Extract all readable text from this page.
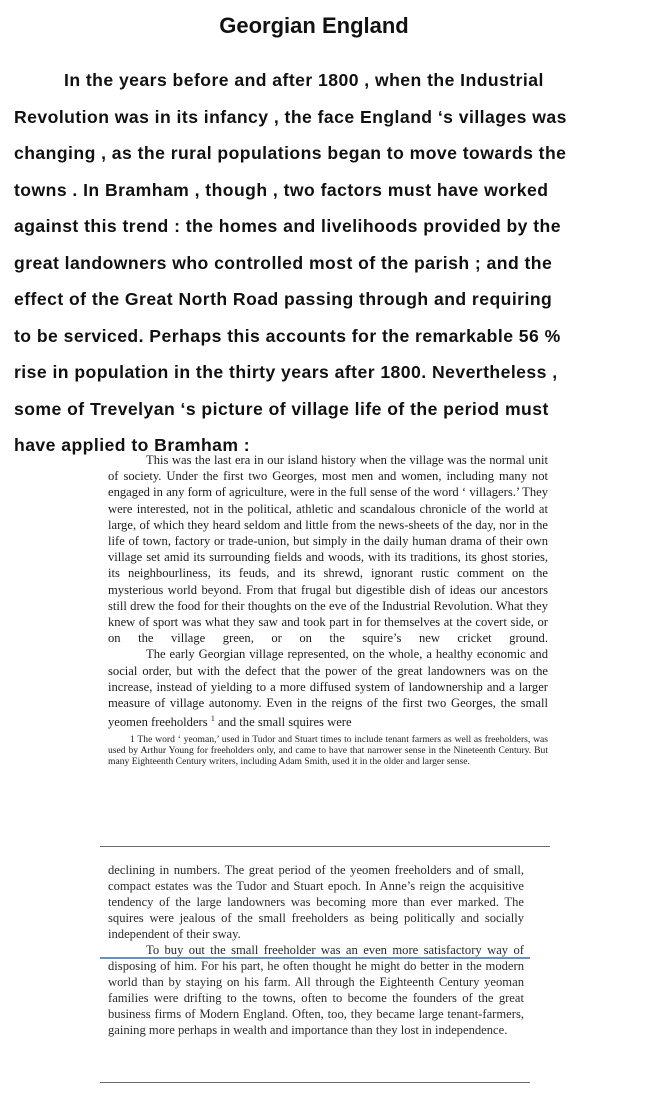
Georgian England
In the years before and after 1800 , when the Industrial
Revolution was in its infancy , the face England ‘s villages was
changing , as the rural populations began to move towards the
towns . In Bramham , though , two factors must have worked
against this trend : the homes and livelihoods provided by the
great landowners who controlled most of the parish ; and the
effect of the Great North Road passing through and requiring
to be serviced. Perhaps this accounts for the remarkable 56 %
rise in population in the thirty years after 1800. Nevertheless ,
some of Trevelyan ‘s picture of village life of the period must
have applied to Bramham :

This was the last era in our island history when the village was the normal unit of society. Under the first two Georges, most men and women, including many not engaged in any form of agriculture, were in the full sense of the word ‘ villagers.’ They were interested, not in the political, athletic and scandalous chronicle of the world at large, of which they heard seldom and little from the news-sheets of the day, nor in the life of town, factory or trade-union, but simply in the daily human drama of their own village set amid its surrounding fields and woods, with its traditions, its ghost stories, its neighbourliness, its feuds, and its shrewd, ignorant rustic comment on the mysterious world beyond. From that frugal but digestible dish of ideas our ancestors still drew the food for their thoughts on the eve of the Industrial Revolution. What they knew of sport was what they saw and took part in for themselves at the covert side, or on the village green, or on the squire’s new cricket ground.

The early Georgian village represented, on the whole, a healthy economic and social order, but with the defect that the power of the great landowners was on the increase, instead of yielding to a more diffused system of landownership and a larger measure of village autonomy. Even in the reigns of the first two Georges, the small yeomen freeholders $^1$ and the small squires were

1 The word ‘ yeoman,’ used in Tudor and Stuart times to include tenant farmers as well as freeholders, was used by Arthur Young for freeholders only, and came to have that narrower sense in the Nineteenth Century. But many Eighteenth Century writers, including Adam Smith, used it in the older and larger sense.

declining in numbers. The great period of the yeomen freeholders and of small, compact estates was the Tudor and Stuart epoch. In Anne’s reign the acquisitive tendency of the large landowners was becoming more than ever marked. The squires were jealous of the small freeholders as being politically and socially independent of their sway.

To buy out the small freeholder was an even more satisfactory way of disposing of him. For his part, he often thought he might do better in the modern world than by staying on his farm. All through the Eighteenth Century yeoman families were drifting to the towns, often to become the founders of the great business firms of Modern England. Often, too, they became large tenant-farmers, gaining more perhaps in wealth and importance than they lost in independence.
